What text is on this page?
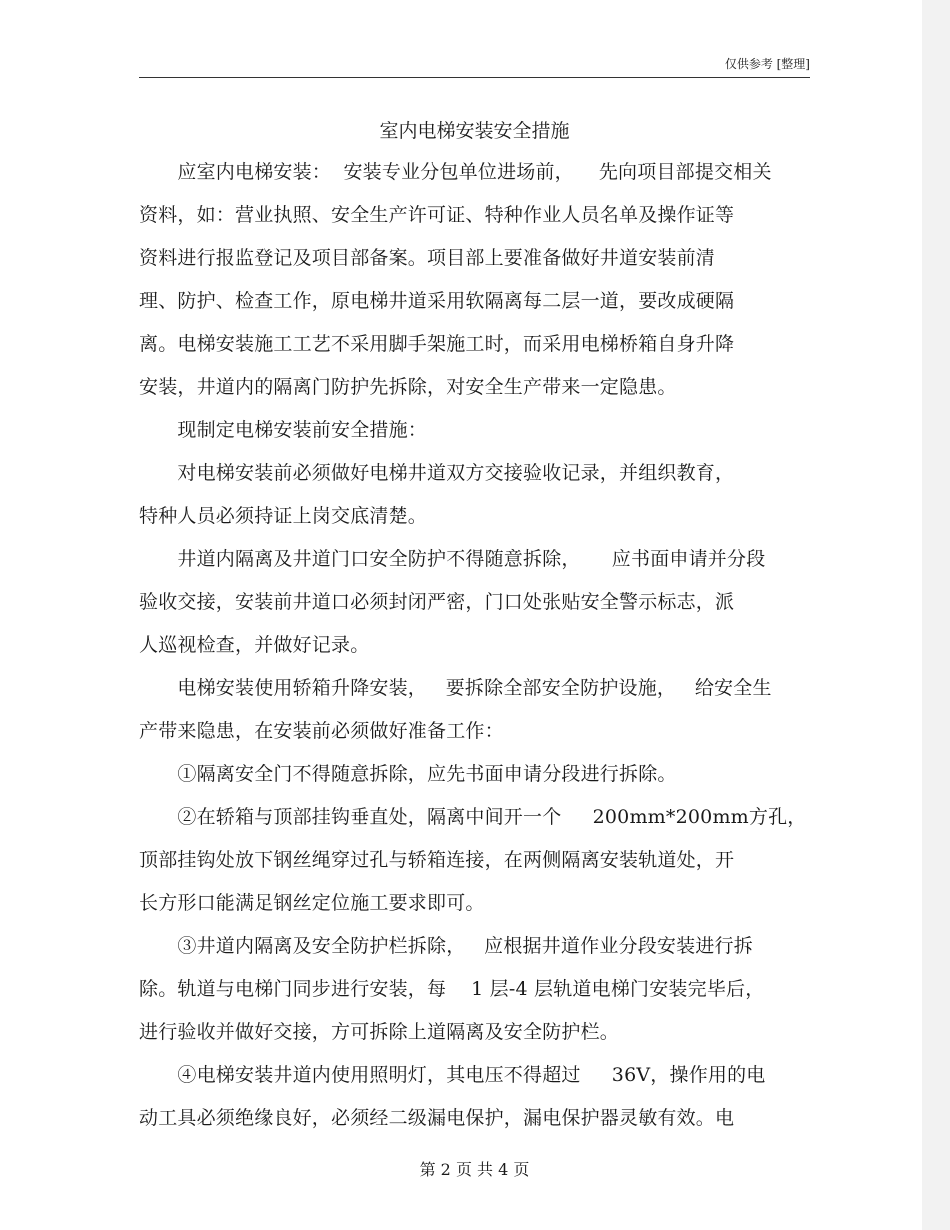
仅供参考 [整理]
室内电梯安装安全措施
　　应室内电梯安装：  安装专业分包单位进场前，    先向项目部提交相关
资料，如：营业执照、安全生产许可证、特种作业人员名单及操作证等
资料进行报监登记及项目部备案。项目部上要准备做好井道安装前清
理、防护、检查工作，原电梯井道采用软隔离每二层一道，要改成硬隔
离。电梯安装施工工艺不采用脚手架施工时，而采用电梯桥箱自身升降
安装，井道内的隔离门防护先拆除，对安全生产带来一定隐患。
　　现制定电梯安装前安全措施：
　　对电梯安装前必须做好电梯井道双方交接验收记录，并组织教育，
特种人员必须持证上岗交底清楚。
　　井道内隔离及井道门口安全防护不得随意拆除，     应书面申请并分段
验收交接，安装前井道口必须封闭严密，门口处张贴安全警示标志，派
人巡视检查，并做好记录。
　　电梯安装使用轿箱升降安装，   要拆除全部安全防护设施，   给安全生
产带来隐患，在安装前必须做好准备工作：
　　①隔离安全门不得随意拆除，应先书面申请分段进行拆除。
　　②在轿箱与顶部挂钩垂直处，隔离中间开一个     200mm*200mm方孔，
顶部挂钩处放下钢丝绳穿过孔与轿箱连接，在两侧隔离安装轨道处，开
长方形口能满足钢丝定位施工要求即可。
　　③井道内隔离及安全防护栏拆除，   应根据井道作业分段安装进行拆
除。轨道与电梯门同步进行安装，每    1 层-4 层轨道电梯门安装完毕后，
进行验收并做好交接，方可拆除上道隔离及安全防护栏。
　　④电梯安装井道内使用照明灯，其电压不得超过     36V，操作用的电
动工具必须绝缘良好，必须经二级漏电保护，漏电保护器灵敏有效。电
第 2 页 共 4 页
